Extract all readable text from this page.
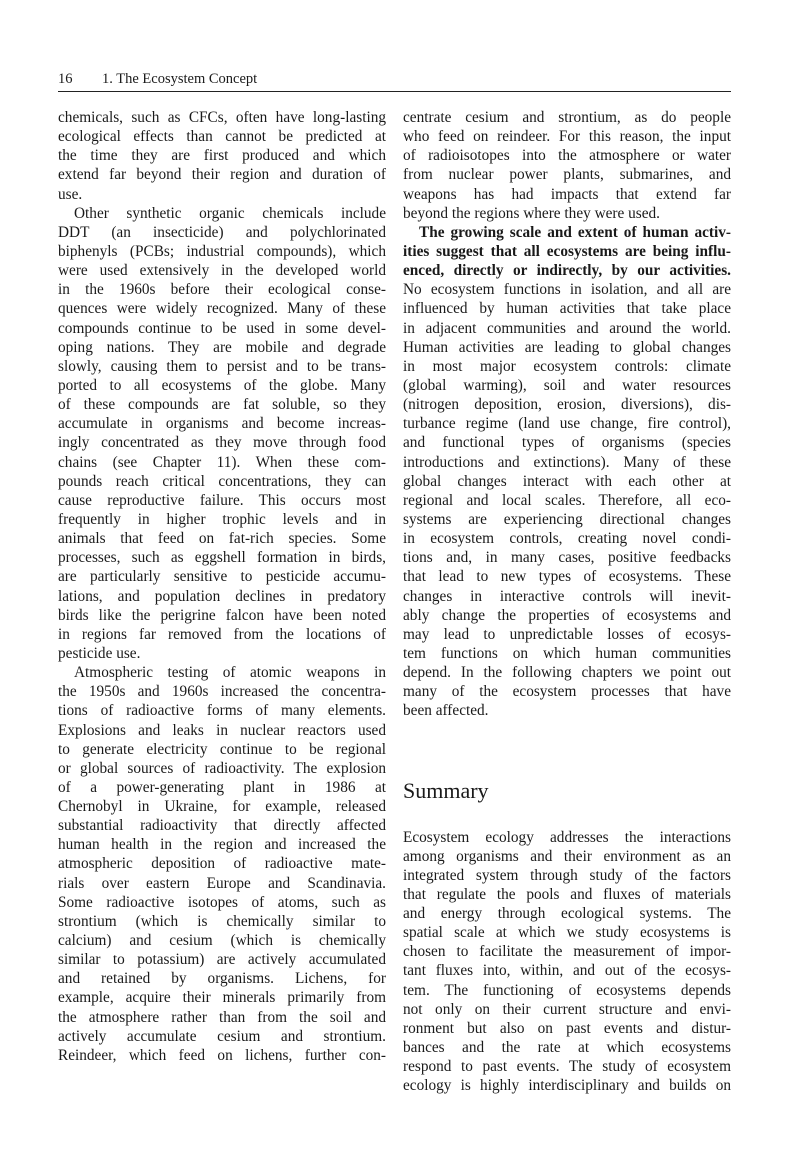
16 1. The Ecosystem Concept
chemicals, such as CFCs, often have long-lasting
ecological effects than cannot be predicted at
the time they are first produced and which
extend far beyond their region and duration of
use.
Other synthetic organic chemicals include
DDT (an insecticide) and polychlorinated
biphenyls (PCBs; industrial compounds), which
were used extensively in the developed world
in the 1960s before their ecological conse-
quences were widely recognized. Many of these
compounds continue to be used in some devel-
oping nations. They are mobile and degrade
slowly, causing them to persist and to be trans-
ported to all ecosystems of the globe. Many
of these compounds are fat soluble, so they
accumulate in organisms and become increas-
ingly concentrated as they move through food
chains (see Chapter 11). When these com-
pounds reach critical concentrations, they can
cause reproductive failure. This occurs most
frequently in higher trophic levels and in
animals that feed on fat-rich species. Some
processes, such as eggshell formation in birds,
are particularly sensitive to pesticide accumu-
lations, and population declines in predatory
birds like the perigrine falcon have been noted
in regions far removed from the locations of
pesticide use.
Atmospheric testing of atomic weapons in
the 1950s and 1960s increased the concentra-
tions of radioactive forms of many elements.
Explosions and leaks in nuclear reactors used
to generate electricity continue to be regional
or global sources of radioactivity. The explosion
of a power-generating plant in 1986 at
Chernobyl in Ukraine, for example, released
substantial radioactivity that directly affected
human health in the region and increased the
atmospheric deposition of radioactive mate-
rials over eastern Europe and Scandinavia.
Some radioactive isotopes of atoms, such as
strontium (which is chemically similar to
calcium) and cesium (which is chemically
similar to potassium) are actively accumulated
and retained by organisms. Lichens, for
example, acquire their minerals primarily from
the atmosphere rather than from the soil and
actively accumulate cesium and strontium.
Reindeer, which feed on lichens, further con-
centrate cesium and strontium, as do people
who feed on reindeer. For this reason, the input
of radioisotopes into the atmosphere or water
from nuclear power plants, submarines, and
weapons has had impacts that extend far
beyond the regions where they were used.
The growing scale and extent of human activ-
ities suggest that all ecosystems are being influ-
enced, directly or indirectly, by our activities.
No ecosystem functions in isolation, and all are
influenced by human activities that take place
in adjacent communities and around the world.
Human activities are leading to global changes
in most major ecosystem controls: climate
(global warming), soil and water resources
(nitrogen deposition, erosion, diversions), dis-
turbance regime (land use change, fire control),
and functional types of organisms (species
introductions and extinctions). Many of these
global changes interact with each other at
regional and local scales. Therefore, all eco-
systems are experiencing directional changes
in ecosystem controls, creating novel condi-
tions and, in many cases, positive feedbacks
that lead to new types of ecosystems. These
changes in interactive controls will inevit-
ably change the properties of ecosystems and
may lead to unpredictable losses of ecosys-
tem functions on which human communities
depend. In the following chapters we point out
many of the ecosystem processes that have
been affected.
Summary
Ecosystem ecology addresses the interactions
among organisms and their environment as an
integrated system through study of the factors
that regulate the pools and fluxes of materials
and energy through ecological systems. The
spatial scale at which we study ecosystems is
chosen to facilitate the measurement of impor-
tant fluxes into, within, and out of the ecosys-
tem. The functioning of ecosystems depends
not only on their current structure and envi-
ronment but also on past events and distur-
bances and the rate at which ecosystems
respond to past events. The study of ecosystem
ecology is highly interdisciplinary and builds on
